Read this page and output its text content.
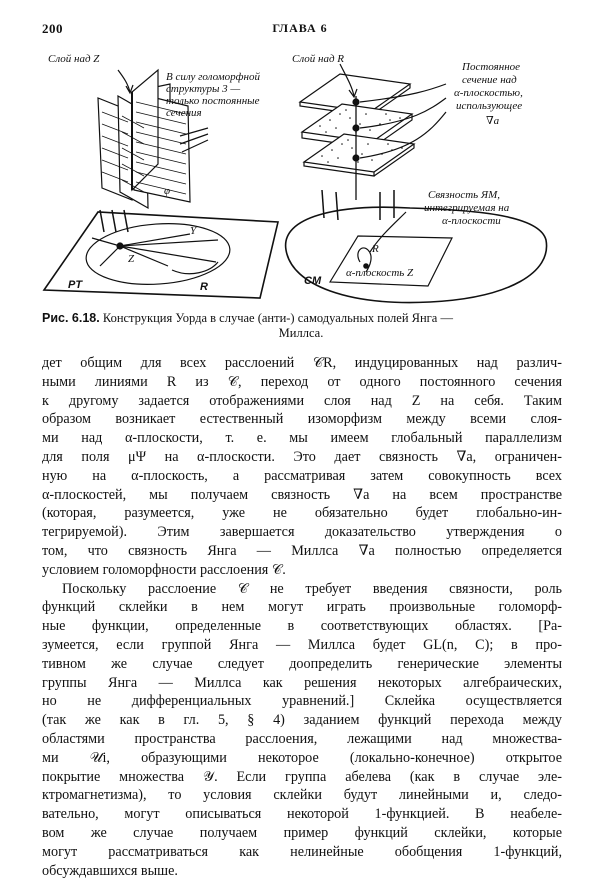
200	ГЛАВА 6
Слой над Z
В силу голоморфной
структуры 3 —
только постоянные
сечения
φ
Y
Z
PT	R
Слой над R
Постоянное
сечение над
α-плоскостью,
использующее
∇a
Связность ЯМ,
интегрируемая на
α-плоскости
R
α-плоскость Z
CM
Рис. 6.18. Конструкция Уорда в случае (анти-) самодуальных полей Янга —
Миллса.
дет общим для всех расслоений 𝒞R, индуцированных над различ-
ными линиями R из 𝒞, переход от одного постоянного сечения
к другому задается отображениями слоя над Z на себя. Таким
образом возникает естественный изоморфизм между всеми слоя-
ми над α-плоскости, т. е. мы имеем глобальный параллелизм
для поля μΨ на α-плоскости. Это дает связность ∇a, ограничен-
ную на α-плоскость, а рассматривая затем совокупность всех
α-плоскостей, мы получаем связность ∇a на всем пространстве
(которая, разумеется, уже не обязательно будет глобально-ин-
тегрируемой). Этим завершается доказательство утверждения о
том, что связность Янга — Миллса ∇a полностью определяется
условием голоморфности расслоения 𝒞.
Поскольку расслоение 𝒞 не требует введения связности, роль
функций склейки в нем могут играть произвольные голоморф-
ные функции, определенные в соответствующих областях. [Ра-
зумеется, если группой Янга — Миллса будет GL(n, C); в про-
тивном же случае следует доопределить генерические элементы
группы Янга — Миллса как решения некоторых алгебраических,
но не дифференциальных уравнений.] Склейка осуществляется
(так же как в гл. 5, § 4) заданием функций перехода между
областями пространства расслоения, лежащими над множества-
ми 𝒰i, образующими некоторое (локально-конечное) открытое
покрытие множества 𝒴. Если группа абелева (как в случае эле-
ктромагнетизма), то условия склейки будут линейными и, следо-
вательно, могут описываться некоторой 1-функцией. В неабеле-
вом же случае получаем пример функций склейки, которые
могут рассматриваться как нелинейные обобщения 1-функций,
обсуждавшихся выше.
